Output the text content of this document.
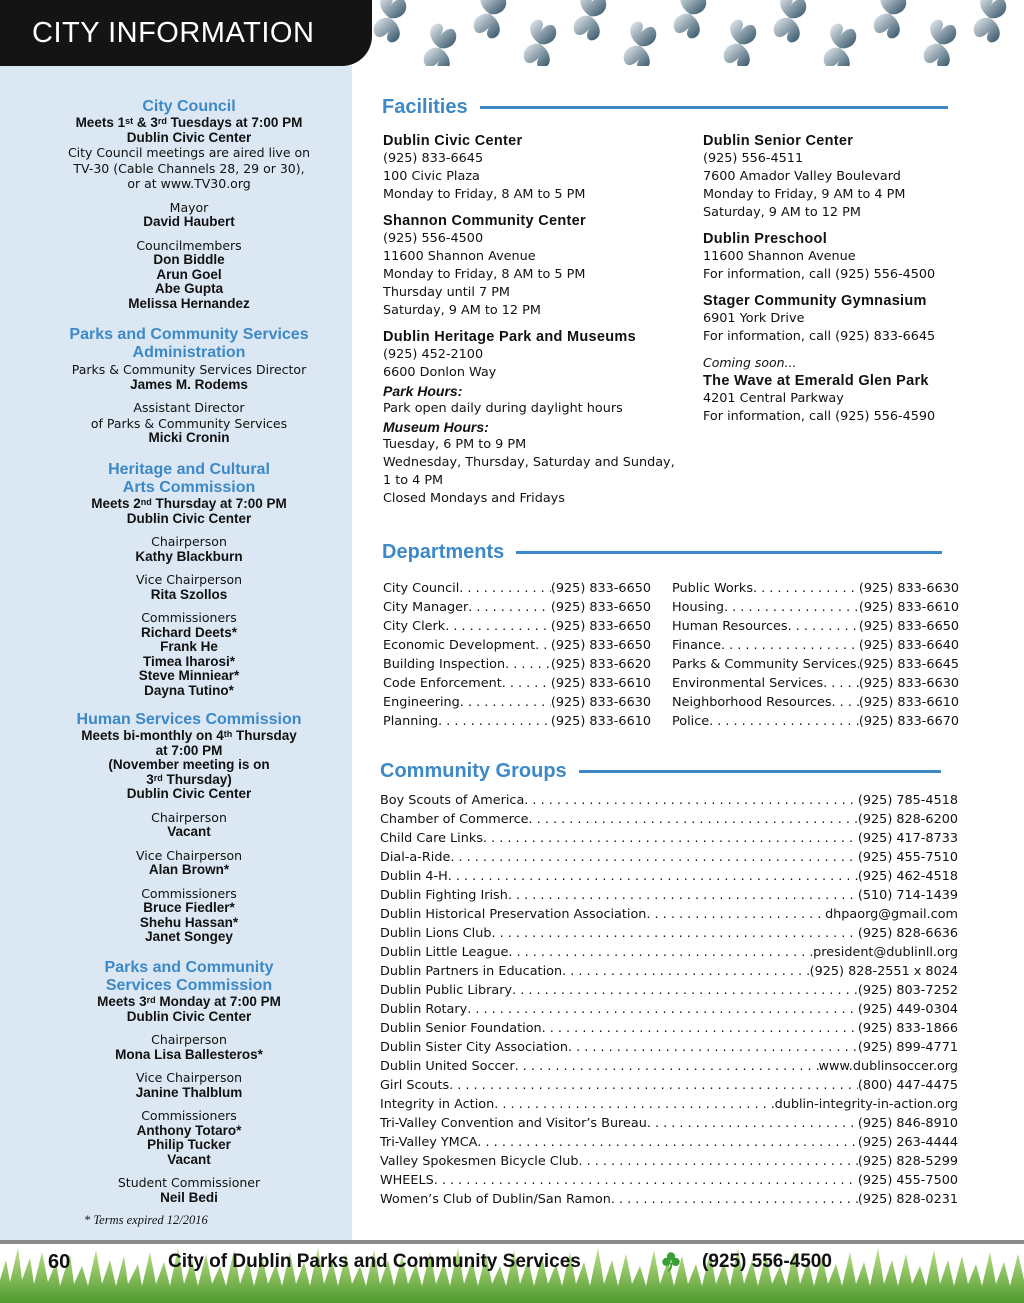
CITY INFORMATION
City Council
Meets 1st & 3rd Tuesdays at 7:00 PM
Dublin Civic Center
City Council meetings are aired live on
TV-30 (Cable Channels 28, 29 or 30),
or at www.TV30.org
Mayor
David Haubert
Councilmembers
Don Biddle
Arun Goel
Abe Gupta
Melissa Hernandez
Parks and Community Services
Administration
Parks & Community Services Director
James M. Rodems
Assistant Director
of Parks & Community Services
Micki Cronin
Heritage and Cultural
Arts Commission
Meets 2nd Thursday at 7:00 PM
Dublin Civic Center
Chairperson
Kathy Blackburn
Vice Chairperson
Rita Szollos
Commissioners
Richard Deets*
Frank He
Timea Iharosi*
Steve Minniear*
Dayna Tutino*
Human Services Commission
Meets bi-monthly on 4th Thursday
at 7:00 PM
(November meeting is on
3rd Thursday)
Dublin Civic Center
Chairperson
Vacant
Vice Chairperson
Alan Brown*
Commissioners
Bruce Fiedler*
Shehu Hassan*
Janet Songey
Parks and Community
Services Commission
Meets 3rd Monday at 7:00 PM
Dublin Civic Center
Chairperson
Mona Lisa Ballesteros*
Vice Chairperson
Janine Thalblum
Commissioners
Anthony Totaro*
Philip Tucker
Vacant
Student Commissioner
Neil Bedi
* Terms expired 12/2016
Facilities
Dublin Civic Center
(925) 833-6645
100 Civic Plaza
Monday to Friday, 8 AM to 5 PM
Shannon Community Center
(925) 556-4500
11600 Shannon Avenue
Monday to Friday, 8 AM to 5 PM
Thursday until 7 PM
Saturday, 9 AM to 12 PM
Dublin Heritage Park and Museums
(925) 452-2100
6600 Donlon Way
Park Hours:
Park open daily during daylight hours
Museum Hours:
Tuesday, 6 PM to 9 PM
Wednesday, Thursday, Saturday and Sunday,
1 to 4 PM
Closed Mondays and Fridays
Dublin Senior Center
(925) 556-4511
7600 Amador Valley Boulevard
Monday to Friday, 9 AM to 4 PM
Saturday, 9 AM to 12 PM
Dublin Preschool
11600 Shannon Avenue
For information, call (925) 556-4500
Stager Community Gymnasium
6901 York Drive
For information, call (925) 833-6645
Coming soon...
The Wave at Emerald Glen Park
4201 Central Parkway
For information, call (925) 556-4590
Departments
City Council . . .	(925) 833-6650
City Manager . . .	(925) 833-6650
City Clerk . . .	(925) 833-6650
Economic Development . . . (925) 833-6650
Building Inspection . . .	(925) 833-6620
Code Enforcement . . .	(925) 833-6610
Engineering . . .	(925) 833-6630
Planning . . .	(925) 833-6610
Public Works . . .	(925) 833-6630
Housing . . .	(925) 833-6610
Human Resources . . .	(925) 833-6650
Finance . . .	(925) 833-6640
Parks & Community Services . . . (925) 833-6645
Environmental Services . . .	(925) 833-6630
Neighborhood Resources . . . (925) 833-6610
Police . . .	(925) 833-6670
Community Groups
Boy Scouts of America . . .	(925) 785-4518
Chamber of Commerce . . .	(925) 828-6200
Child Care Links . . .	(925) 417-8733
Dial-a-Ride . . .	(925) 455-7510
Dublin 4-H . . .	(925) 462-4518
Dublin Fighting Irish . . .	(510) 714-1439
Dublin Historical Preservation Association . . .	dhpaorg@gmail.com
Dublin Lions Club . . .	(925) 828-6636
Dublin Little League . . .	president@dublinll.org
Dublin Partners in Education . . .	(925) 828-2551 x 8024
Dublin Public Library . . .	(925) 803-7252
Dublin Rotary . . .	(925) 449-0304
Dublin Senior Foundation . . .	(925) 833-1866
Dublin Sister City Association . . .	(925) 899-4771
Dublin United Soccer . . .	www.dublinsoccer.org
Girl Scouts . . .	(800) 447-4475
Integrity in Action . . .	dublin-integrity-in-action.org
Tri-Valley Convention and Visitor’s Bureau . . .	(925) 846-8910
Tri-Valley YMCA . . .	(925) 263-4444
Valley Spokesmen Bicycle Club . . .	(925) 828-5299
WHEELS . . .	(925) 455-7500
Women’s Club of Dublin/San Ramon . . .	(925) 828-0231
60	City of Dublin Parks and Community Services	(925) 556-4500
